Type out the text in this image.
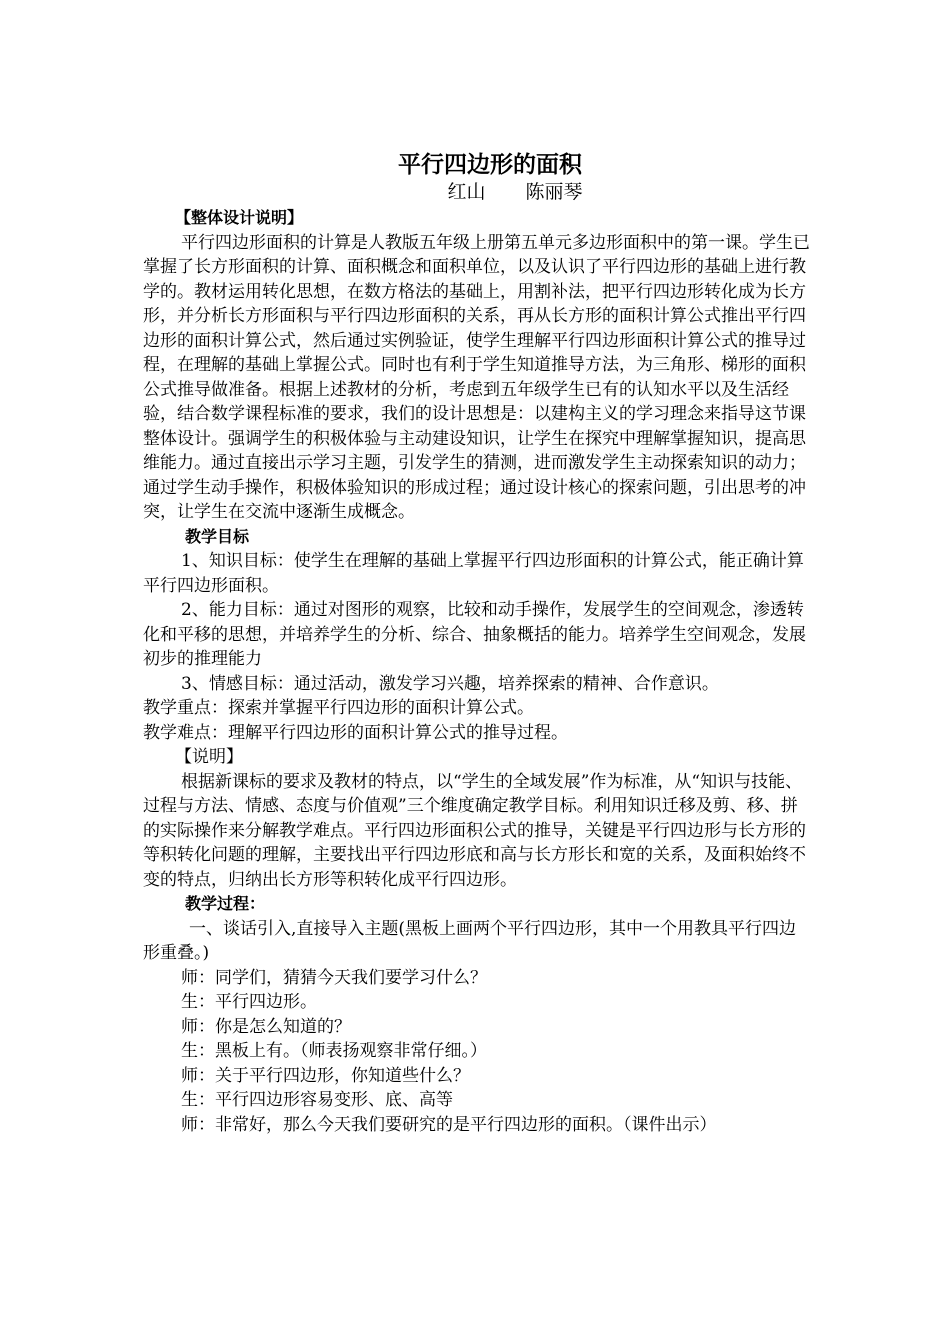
平行四边形的面积
红山 陈丽琴

【整体设计说明】

平行四边形面积的计算是人教版五年级上册第五单元多边形面积中的第一课。学生已掌握了长方形面积的计算、面积概念和面积单位，以及认识了平行四边形的基础上进行教学的。教材运用转化思想，在数方格法的基础上，用割补法，把平行四边形转化成为长方形，并分析长方形面积与平行四边形面积的关系，再从长方形的面积计算公式推出平行四边形的面积计算公式，然后通过实例验证，使学生理解平行四边形面积计算公式的推导过程，在理解的基础上掌握公式。同时也有利于学生知道推导方法，为三角形、梯形的面积公式推导做准备。根据上述教材的分析，考虑到五年级学生已有的认知水平以及生活经验，结合数学课程标准的要求，我们的设计思想是：以建构主义的学习理念来指导这节课整体设计。强调学生的积极体验与主动建设知识，让学生在探究中理解掌握知识，提高思维能力。通过直接出示学习主题，引发学生的猜测，进而激发学生主动探索知识的动力；通过学生动手操作，积极体验知识的形成过程；通过设计核心的探索问题，引出思考的冲突，让学生在交流中逐渐生成概念。

教学目标

1、知识目标：使学生在理解的基础上掌握平行四边形面积的计算公式，能正确计算平行四边形面积。

2、能力目标：通过对图形的观察，比较和动手操作，发展学生的空间观念，渗透转化和平移的思想，并培养学生的分析、综合、抽象概括的能力。培养学生空间观念，发展初步的推理能力

3、情感目标：通过活动，激发学习兴趣，培养探索的精神、合作意识。

教学重点：探索并掌握平行四边形的面积计算公式。

教学难点：理解平行四边形的面积计算公式的推导过程。

【说明】

根据新课标的要求及教材的特点，以“学生的全域发展”作为标准，从“知识与技能、过程与方法、情感、态度与价值观”三个维度确定教学目标。利用知识迁移及剪、移、拼的实际操作来分解教学难点。平行四边形面积公式的推导，关键是平行四边形与长方形的等积转化问题的理解，主要找出平行四边形底和高与长方形长和宽的关系，及面积始终不变的特点，归纳出长方形等积转化成平行四边形。

教学过程：

一、谈话引入,直接导入主题(黑板上画两个平行四边形，其中一个用教具平行四边形重叠。)

师：同学们，猜猜今天我们要学习什么？

生：平行四边形。

师：你是怎么知道的？

生：黑板上有。（师表扬观察非常仔细。）

师：关于平行四边形，你知道些什么？

生：平行四边形容易变形、底、高等

师：非常好，那么今天我们要研究的是平行四边形的面积。（课件出示）
